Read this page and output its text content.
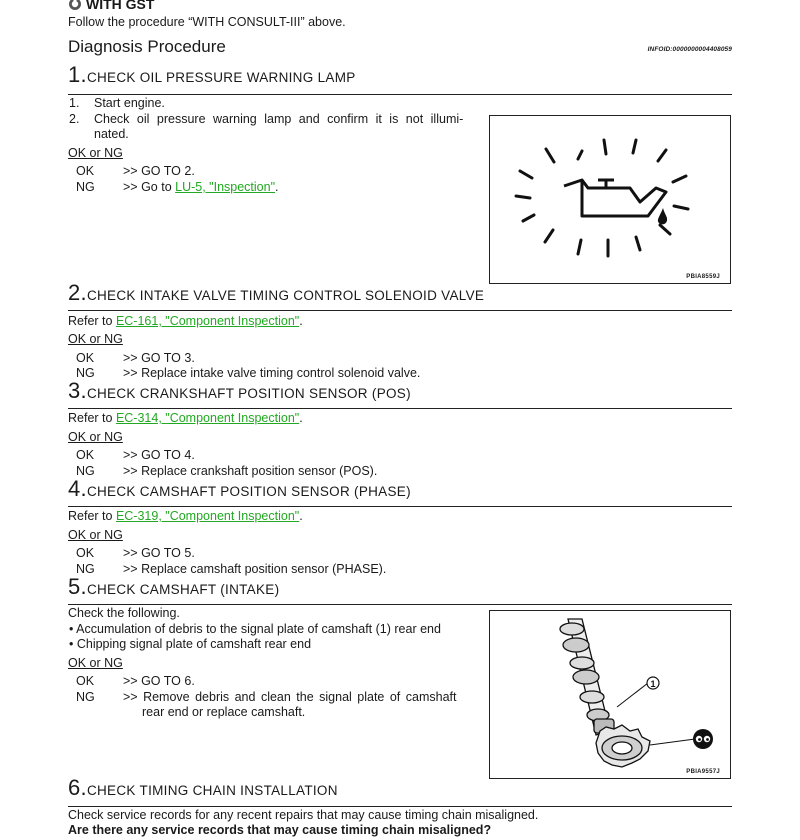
WITH GST
Follow the procedure “WITH CONSULT-III” above.
Diagnosis Procedure	INFOID:0000000004408059
1.CHECK OIL PRESSURE WARNING LAMP
1. Start engine.
2. Check oil pressure warning lamp and confirm it is not illumi-
nated.
OK or NG
OK >> GO TO 2.
NG >> Go to LU-5, "Inspection".
PBIA8559J
2.CHECK INTAKE VALVE TIMING CONTROL SOLENOID VALVE
Refer to EC-161, "Component Inspection".
OK or NG
OK >> GO TO 3.
NG >> Replace intake valve timing control solenoid valve.
3.CHECK CRANKSHAFT POSITION SENSOR (POS)
Refer to EC-314, "Component Inspection".
OK or NG
OK >> GO TO 4.
NG >> Replace crankshaft position sensor (POS).
4.CHECK CAMSHAFT POSITION SENSOR (PHASE)
Refer to EC-319, "Component Inspection".
OK or NG
OK >> GO TO 5.
NG >> Replace camshaft position sensor (PHASE).
5.CHECK CAMSHAFT (INTAKE)
Check the following.
• Accumulation of debris to the signal plate of camshaft (1) rear end
• Chipping signal plate of camshaft rear end
OK or NG
OK >> GO TO 6.
NG >> Remove debris and clean the signal plate of camshaft
rear end or replace camshaft.
1
PBIA9557J
6.CHECK TIMING CHAIN INSTALLATION
Check service records for any recent repairs that may cause timing chain misaligned.
Are there any service records that may cause timing chain misaligned?
